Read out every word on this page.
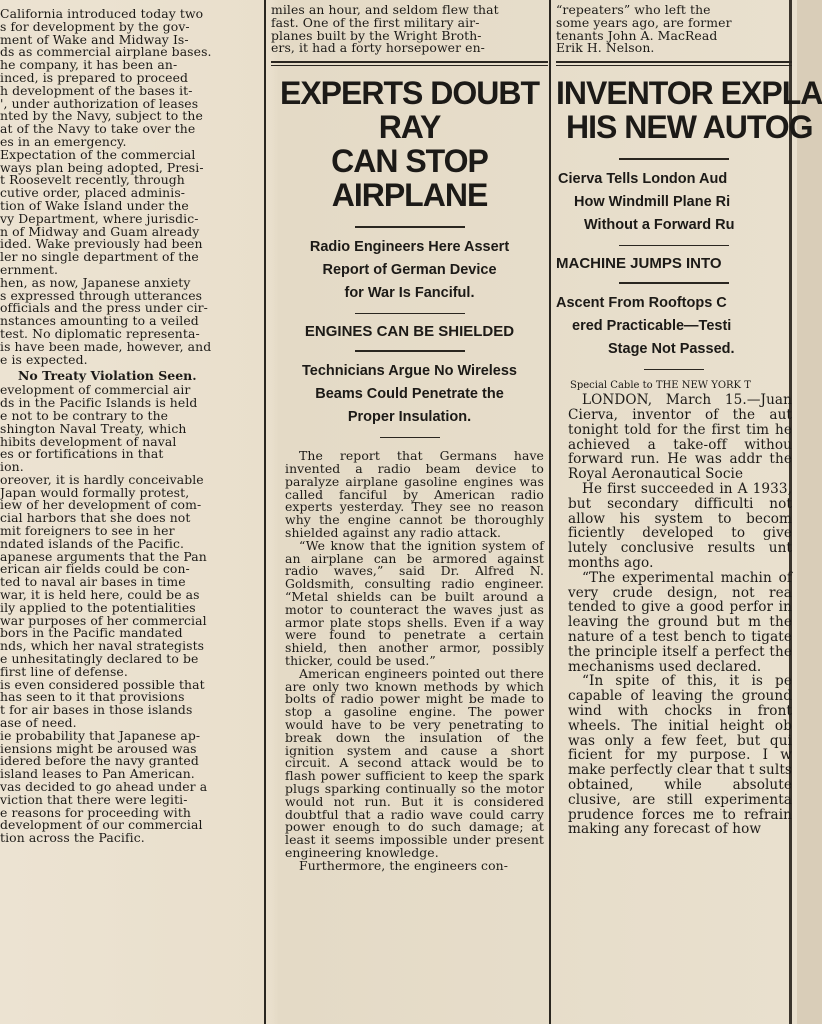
California introduced today two

s for development by the gov-

ment of Wake and Midway Is-

ds as commercial airplane bases.

he company, it has been an-

inced, is prepared to proceed

h development of the bases it-

', under authorization of leases

nted by the Navy, subject to the

at of the Navy to take over the

es in an emergency.

Expectation of the commercial

ways plan being adopted, Presi-

t Roosevelt recently, through

cutive order, placed adminis-

tion of Wake Island under the

vy Department, where jurisdic-

n of Midway and Guam already

ided. Wake previously had been

ler no single department of the

ernment.

hen, as now, Japanese anxiety

s expressed through utterances

officials and the press under cir-

nstances amounting to a veiled

test. No diplomatic representa-

is have been made, however, and

e is expected.

No Treaty Violation Seen.

evelopment of commercial air

ds in the Pacific Islands is held

e not to be contrary to the

shington Naval Treaty, which

hibits development of naval

es or fortifications in that

ion.

oreover, it is hardly conceivable

Japan would formally protest,

iew of her development of com-

cial harbors that she does not

mit foreigners to see in her

ndated islands of the Pacific.

apanese arguments that the Pan

erican air fields could be con-

ted to naval air bases in time

war, it is held here, could be as

ily applied to the potentialities

war purposes of her commercial

bors in the Pacific mandated

nds, which her naval strategists

e unhesitatingly declared to be

first line of defense.

is even considered possible that

has seen to it that provisions

t for air bases in those islands

ase of need.

ie probability that Japanese ap-

iensions might be aroused was

idered before the navy granted

island leases to Pan American.

vas decided to go ahead under a

viction that there were legiti-

e reasons for proceeding with

development of our commercial

tion across the Pacific.

miles an hour, and seldom flew that

fast. One of the first military air-

planes built by the Wright Broth-

ers, it had a forty horsepower en-

EXPERTS DOUBT RAY
CAN STOP AIRPLANE
Radio Engineers Here Assert
Report of German Device
for War Is Fanciful.
ENGINES CAN BE SHIELDED
Technicians Argue No Wireless
Beams Could Penetrate the
Proper Insulation.

The report that Germans have invented a radio beam device to paralyze airplane gasoline engines was called fanciful by American radio experts yesterday. They see no reason why the engine cannot be thoroughly shielded against any radio attack.

“We know that the ignition system of an airplane can be armored against radio waves,” said Dr. Alfred N. Goldsmith, consulting radio engineer. “Metal shields can be built around a motor to counteract the waves just as armor plate stops shells. Even if a way were found to penetrate a certain shield, then another armor, possibly thicker, could be used.”

American engineers pointed out there are only two known methods by which bolts of radio power might be made to stop a gasoline engine. The power would have to be very penetrating to break down the insulation of the ignition system and cause a short circuit. A second attack would be to flash power sufficient to keep the spark plugs sparking continually so the motor would not run. But it is considered doubtful that a radio wave could carry power enough to do such damage; at least it seems impossible under present engineering knowledge.

Furthermore, the engineers con-

“repeaters” who left the

some years ago, are former

tenants John A. MacRead

Erik H. Nelson.

INVENTOR EXPLA
HIS NEW AUTOG
Cierva Tells London Aud
How Windmill Plane Ri
Without a Forward Ru
MACHINE JUMPS INTO
Ascent From Rooftops C
ered Practicable—Testi
Stage Not Passed.
Special Cable to THE NEW YORK T

LONDON, March 15.—Juan Cierva, inventor of the aut tonight told for the first tim he achieved a take-off withou forward run. He was addr the Royal Aeronautical Socie

He first succeeded in A 1933, but secondary difficulti not allow his system to becom ficiently developed to give lutely conclusive results unt months ago.

“The experimental machin of very crude design, not rea tended to give a good perfor in leaving the ground but m the nature of a test bench to tigate the principle itself a perfect the mechanisms used declared.

“In spite of this, it is pe capable of leaving the ground wind with chocks in front wheels. The initial height ob was only a few feet, but qui ficient for my purpose. I w make perfectly clear that t sults obtained, while absolute clusive, are still experimenta prudence forces me to refrain making any forecast of how
